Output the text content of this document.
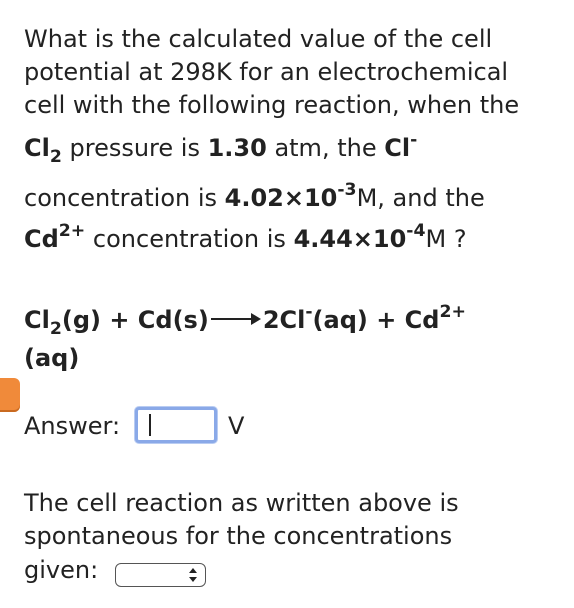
What is the calculated value of the cell
potential at 298K for an electrochemical
cell with the following reaction, when the
$Cl_2$ pressure is 1.30 atm, the Cl-
concentration is $4.02\times 10^{-3}M$, and the
$Cd^{2+}$ concentration is $4.44\times 10^{-4}M$ ?
$Cl_2(g) + Cd(s) 2Cl^-(aq) + Cd^{2+}$
(aq)
Answer:	V
The cell reaction as written above is
spontaneous for the concentrations
given:
